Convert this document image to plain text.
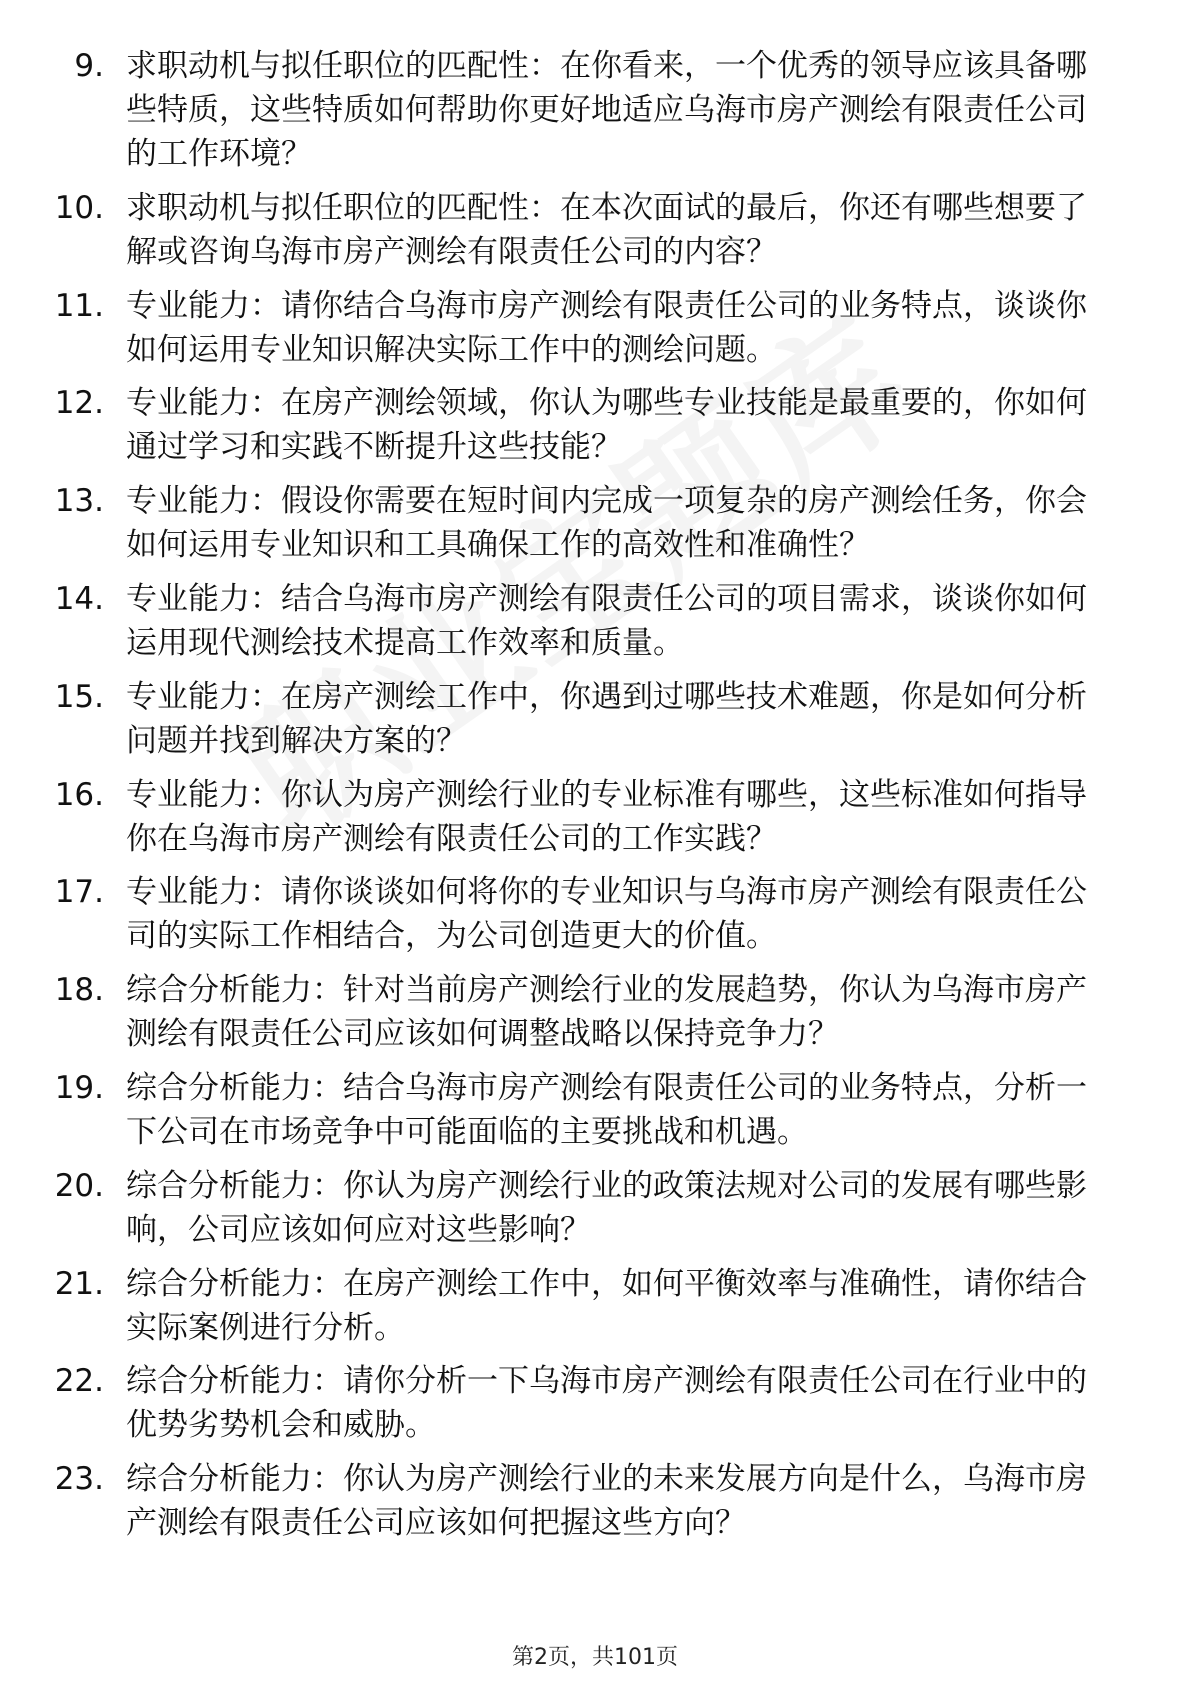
9. 求职动机与拟任职位的匹配性：在你看来，一个优秀的领导应该具备哪些特质，这些特质如何帮助你更好地适应乌海市房产测绘有限责任公司的工作环境？
10. 求职动机与拟任职位的匹配性：在本次面试的最后，你还有哪些想要了解或咨询乌海市房产测绘有限责任公司的内容？
11. 专业能力：请你结合乌海市房产测绘有限责任公司的业务特点，谈谈你如何运用专业知识解决实际工作中的测绘问题。
12. 专业能力：在房产测绘领域，你认为哪些专业技能是最重要的，你如何通过学习和实践不断提升这些技能？
13. 专业能力：假设你需要在短时间内完成一项复杂的房产测绘任务，你会如何运用专业知识和工具确保工作的高效性和准确性？
14. 专业能力：结合乌海市房产测绘有限责任公司的项目需求，谈谈你如何运用现代测绘技术提高工作效率和质量。
15. 专业能力：在房产测绘工作中，你遇到过哪些技术难题，你是如何分析问题并找到解决方案的？
16. 专业能力：你认为房产测绘行业的专业标准有哪些，这些标准如何指导你在乌海市房产测绘有限责任公司的工作实践？
17. 专业能力：请你谈谈如何将你的专业知识与乌海市房产测绘有限责任公司的实际工作相结合，为公司创造更大的价值。
18. 综合分析能力：针对当前房产测绘行业的发展趋势，你认为乌海市房产测绘有限责任公司应该如何调整战略以保持竞争力？
19. 综合分析能力：结合乌海市房产测绘有限责任公司的业务特点，分析一下公司在市场竞争中可能面临的主要挑战和机遇。
20. 综合分析能力：你认为房产测绘行业的政策法规对公司的发展有哪些影响，公司应该如何应对这些影响？
21. 综合分析能力：在房产测绘工作中，如何平衡效率与准确性，请你结合实际案例进行分析。
22. 综合分析能力：请你分析一下乌海市房产测绘有限责任公司在行业中的优势劣势机会和威胁。
23. 综合分析能力：你认为房产测绘行业的未来发展方向是什么，乌海市房产测绘有限责任公司应该如何把握这些方向？
第2页，共101页
